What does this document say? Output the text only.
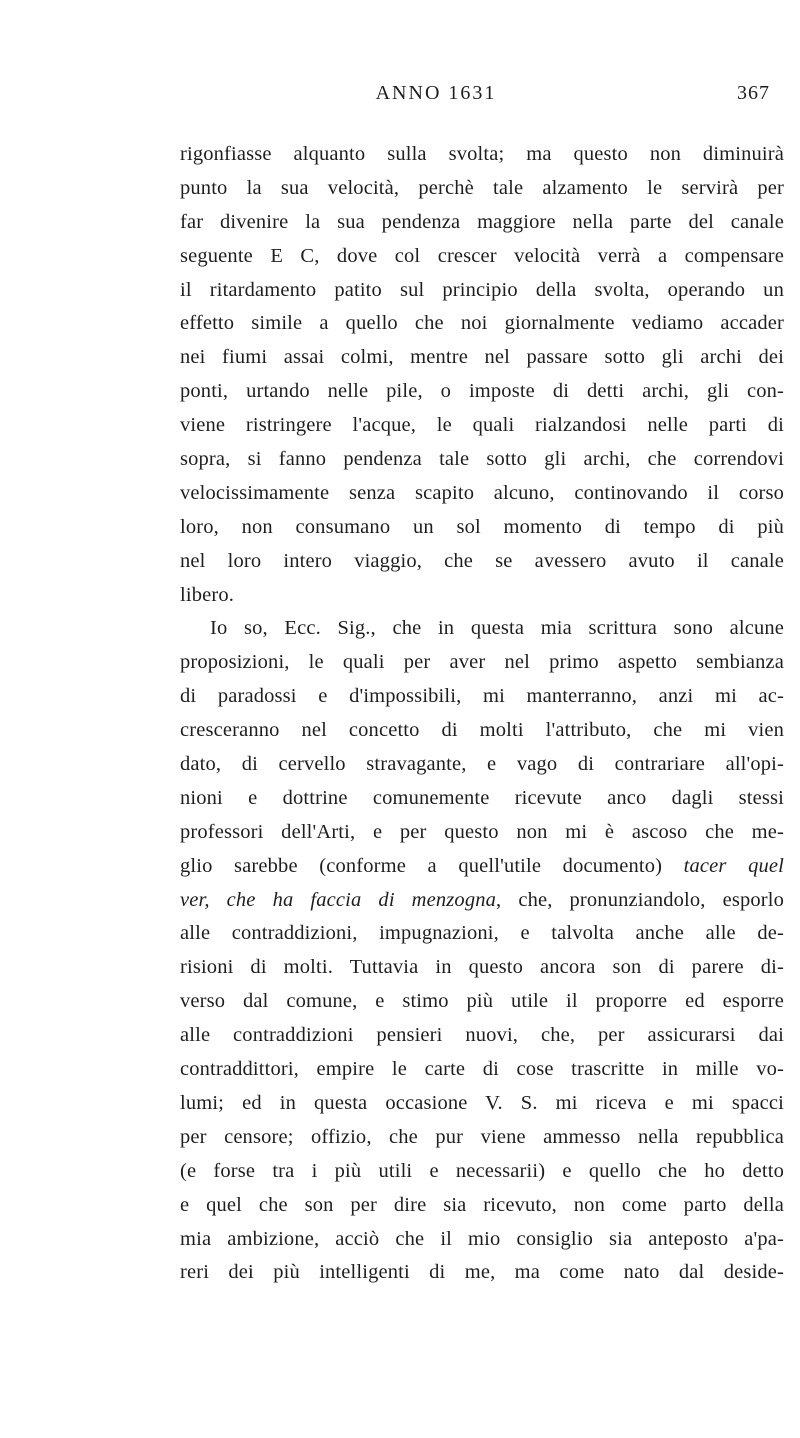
ANNO 1631	367
rigonfiasse alquanto sulla svolta; ma questo non diminuirà
punto la sua velocità, perchè tale alzamento le servirà per
far divenire la sua pendenza maggiore nella parte del canale
seguente E C, dove col crescer velocità verrà a compensare
il ritardamento patito sul principio della svolta, operando un
effetto simile a quello che noi giornalmente vediamo accader
nei fiumi assai colmi, mentre nel passare sotto gli archi dei
ponti, urtando nelle pile, o imposte di detti archi, gli con-
viene ristringere l'acque, le quali rialzandosi nelle parti di
sopra, si fanno pendenza tale sotto gli archi, che correndovi
velocissimamente senza scapito alcuno, continovando il corso
loro, non consumano un sol momento di tempo di più
nel loro intero viaggio, che se avessero avuto il canale
libero.
Io so, Ecc. Sig., che in questa mia scrittura sono alcune
proposizioni, le quali per aver nel primo aspetto sembianza
di paradossi e d'impossibili, mi manterranno, anzi mi ac-
cresceranno nel concetto di molti l'attributo, che mi vien
dato, di cervello stravagante, e vago di contrariare all'opi-
nioni e dottrine comunemente ricevute anco dagli stessi
professori dell'Arti, e per questo non mi è ascoso che me-
glio sarebbe (conforme a quell'utile documento) tacer quel
ver, che ha faccia di menzogna, che, pronunziandolo, esporlo
alle contraddizioni, impugnazioni, e talvolta anche alle de-
risioni di molti. Tuttavia in questo ancora son di parere di-
verso dal comune, e stimo più utile il proporre ed esporre
alle contraddizioni pensieri nuovi, che, per assicurarsi dai
contraddittori, empire le carte di cose trascritte in mille vo-
lumi; ed in questa occasione V. S. mi riceva e mi spacci
per censore; offizio, che pur viene ammesso nella repubblica
(e forse tra i più utili e necessarii) e quello che ho detto
e quel che son per dire sia ricevuto, non come parto della
mia ambizione, acciò che il mio consiglio sia anteposto a'pa-
reri dei più intelligenti di me, ma come nato dal deside-
